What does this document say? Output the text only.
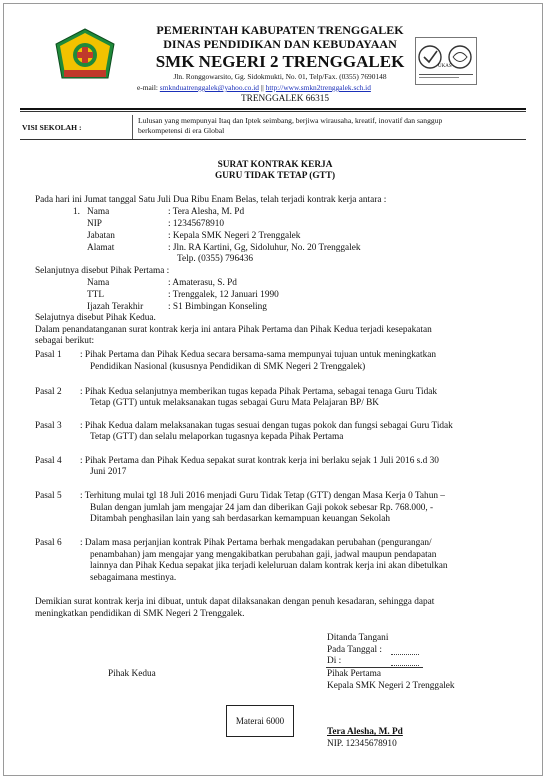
PEMERINTAH KABUPATEN TRENGGALEK
DINAS PENDIDIKAN DAN KEBUDAYAAN
SMK NEGERI 2 TRENGGALEK
Jln. Ronggowarsito, Gg. Sidokmukti, No. 01, Telp/Fax. (0355) 7690148
e-mail: smknduatrenggalek@yahoo.co.id || http://www.smkn2trenggalek.sch.id
TRENGGALEK 66315
UKAS
VISI SEKOLAH :
Lulusan yang mempunyai Itaq dan Iptek seimbang, berjiwa wirausaha, kreatif, inovatif dan sanggup
berkompetensi di era Global
SURAT KONTRAK KERJA
GURU TIDAK TETAP (GTT)
Pada hari ini Jumat tanggal Satu Juli Dua Ribu Enam Belas, telah terjadi kontrak kerja antara :
1. Nama	: Tera Alesha, M. Pd
NIP	: 12345678910
Jabatan	: Kepala SMK Negeri 2 Trenggalek
Alamat	: Jln. RA Kartini, Gg, Sidoluhur, No. 20 Trenggalek
Telp. (0355) 796436
Selanjutnya disebut Pihak Pertama :
Nama	: Amaterasu, S. Pd
TTL	: Trenggalek, 12 Januari 1990
Ijazah Terakhir	: S1 Bimbingan Konseling
Selajutnya disebut Pihak Kedua.
Dalam penandatanganan surat kontrak kerja ini antara Pihak Pertama dan Pihak Kedua terjadi kesepakatan
sebagai berikut:
Pasal 1 : Pihak Pertama dan Pihak Kedua secara bersama-sama mempunyai tujuan untuk meningkatkan
Pendidikan Nasional (kususnya Pendidikan di SMK Negeri 2 Trenggalek)
Pasal 2 : Pihak Kedua selanjutnya memberikan tugas kepada Pihak Pertama, sebagai tenaga Guru Tidak
Tetap (GTT) untuk melaksanakan tugas sebagai Guru Mata Pelajaran BP/ BK
Pasal 3 : Pihak Kedua dalam melaksanakan tugas sesuai dengan tugas pokok dan fungsi sebagai Guru Tidak
Tetap (GTT) dan selalu melaporkan tugasnya kepada Pihak Pertama
Pasal 4 : Pihak Pertama dan Pihak Kedua sepakat surat kontrak kerja ini berlaku sejak 1 Juli 2016 s.d 30
Juni 2017
Pasal 5 : Terhitung mulai tgl 18 Juli 2016 menjadi Guru Tidak Tetap (GTT) dengan Masa Kerja 0 Tahun –
Bulan dengan jumlah jam mengajar 24 jam dan diberikan Gaji pokok sebesar Rp. 768.000, -
Ditambah penghasilan lain yang sah berdasarkan kemampuan keuangan Sekolah
Pasal 6 : Dalam masa perjanjian kontrak Pihak Pertama berhak mengadakan perubahan (pengurangan/
penambahan) jam mengajar yang mengakibatkan perubahan gaji, jadwal maupun pendapatan
lainnya dan Pihak Kedua sepakat jika terjadi keleluruan dalam kontrak kerja ini akan dibetulkan
sebagaimana mestinya.
Demikian surat kontrak kerja ini dibuat, untuk dapat dilaksanakan dengan penuh kesadaran, sehingga dapat
meningkatkan pendidikan di SMK Negeri 2 Trenggalek.
Ditanda Tangani
Pada Tanggal :
Di :
Pihak Pertama
Kepala SMK Negeri 2 Trenggalek
Pihak Kedua
Materai 6000
Tera Alesha, M. Pd
NIP. 12345678910
